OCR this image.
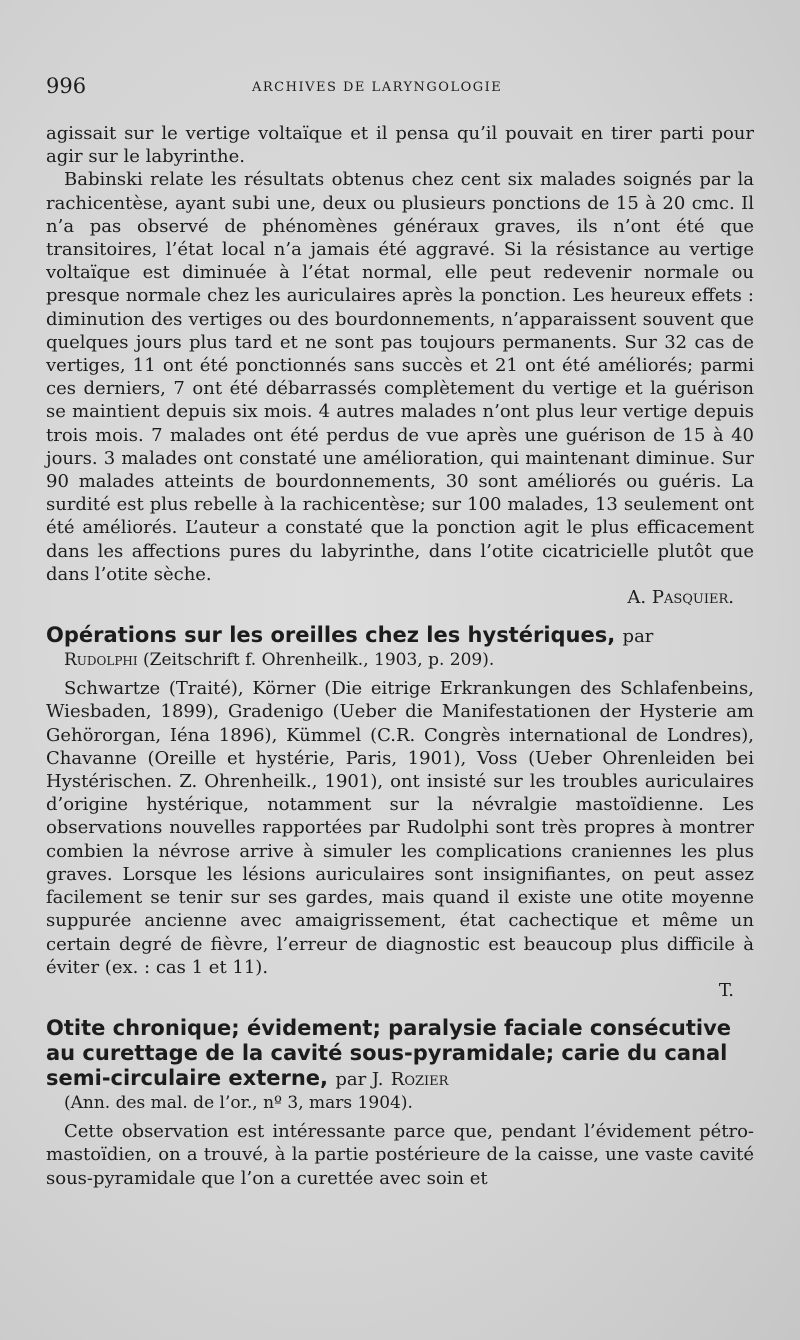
996	ARCHIVES DE LARYNGOLOGIE

agissait sur le vertige voltaïque et il pensa qu’il pouvait en tirer parti pour agir sur le labyrinthe.

Babinski relate les résultats obtenus chez cent six malades soignés par la rachicentèse, ayant subi une, deux ou plusieurs ponctions de 15 à 20 cmc. Il n’a pas observé de phénomènes généraux graves, ils n’ont été que transitoires, l’état local n’a jamais été aggravé. Si la résistance au vertige voltaïque est diminuée à l’état normal, elle peut redevenir normale ou presque normale chez les auriculaires après la ponction. Les heureux effets : diminution des vertiges ou des bourdonnements, n’apparaissent souvent que quelques jours plus tard et ne sont pas toujours permanents. Sur 32 cas de vertiges, 11 ont été ponctionnés sans succès et 21 ont été améliorés; parmi ces derniers, 7 ont été débarrassés complètement du vertige et la guérison se maintient depuis six mois. 4 autres malades n’ont plus leur vertige depuis trois mois. 7 malades ont été perdus de vue après une guérison de 15 à 40 jours. 3 malades ont constaté une amélioration, qui maintenant diminue. Sur 90 malades atteints de bourdonnements, 30 sont améliorés ou guéris. La surdité est plus rebelle à la rachicentèse; sur 100 malades, 13 seulement ont été améliorés. L’auteur a constaté que la ponction agit le plus efficacement dans les affections pures du labyrinthe, dans l’otite cicatricielle plutôt que dans l’otite sèche.

A. Pasquier.
Opérations sur les oreilles chez les hystériques, par
Rudolphi (Zeitschrift f. Ohrenheilk., 1903, p. 209).

Schwartze (Traité), Körner (Die eitrige Erkrankungen des Schlafenbeins, Wiesbaden, 1899), Gradenigo (Ueber die Manifestationen der Hysterie am Gehörorgan, Iéna 1896), Kümmel (C.R. Congrès international de Londres), Chavanne (Oreille et hystérie, Paris, 1901), Voss (Ueber Ohrenleiden bei Hystérischen. Z. Ohrenheilk., 1901), ont insisté sur les troubles auriculaires d’origine hystérique, notamment sur la névralgie mastoïdienne. Les observations nouvelles rapportées par Rudolphi sont très propres à montrer combien la névrose arrive à simuler les complications craniennes les plus graves. Lorsque les lésions auriculaires sont insignifiantes, on peut assez facilement se tenir sur ses gardes, mais quand il existe une otite moyenne suppurée ancienne avec amaigrissement, état cachectique et même un certain degré de fièvre, l’erreur de diagnostic est beaucoup plus difficile à éviter (ex. : cas 1 et 11).

T.
Otite chronique; évidement; paralysie faciale consécutive au curettage de la cavité sous-pyramidale; carie du canal semi-circulaire externe, par J. Rozier
(Ann. des mal. de l’or., nº 3, mars 1904).

Cette observation est intéressante parce que, pendant l’évidement pétro-mastoïdien, on a trouvé, à la partie postérieure de la caisse, une vaste cavité sous-pyramidale que l’on a curettée avec soin et
